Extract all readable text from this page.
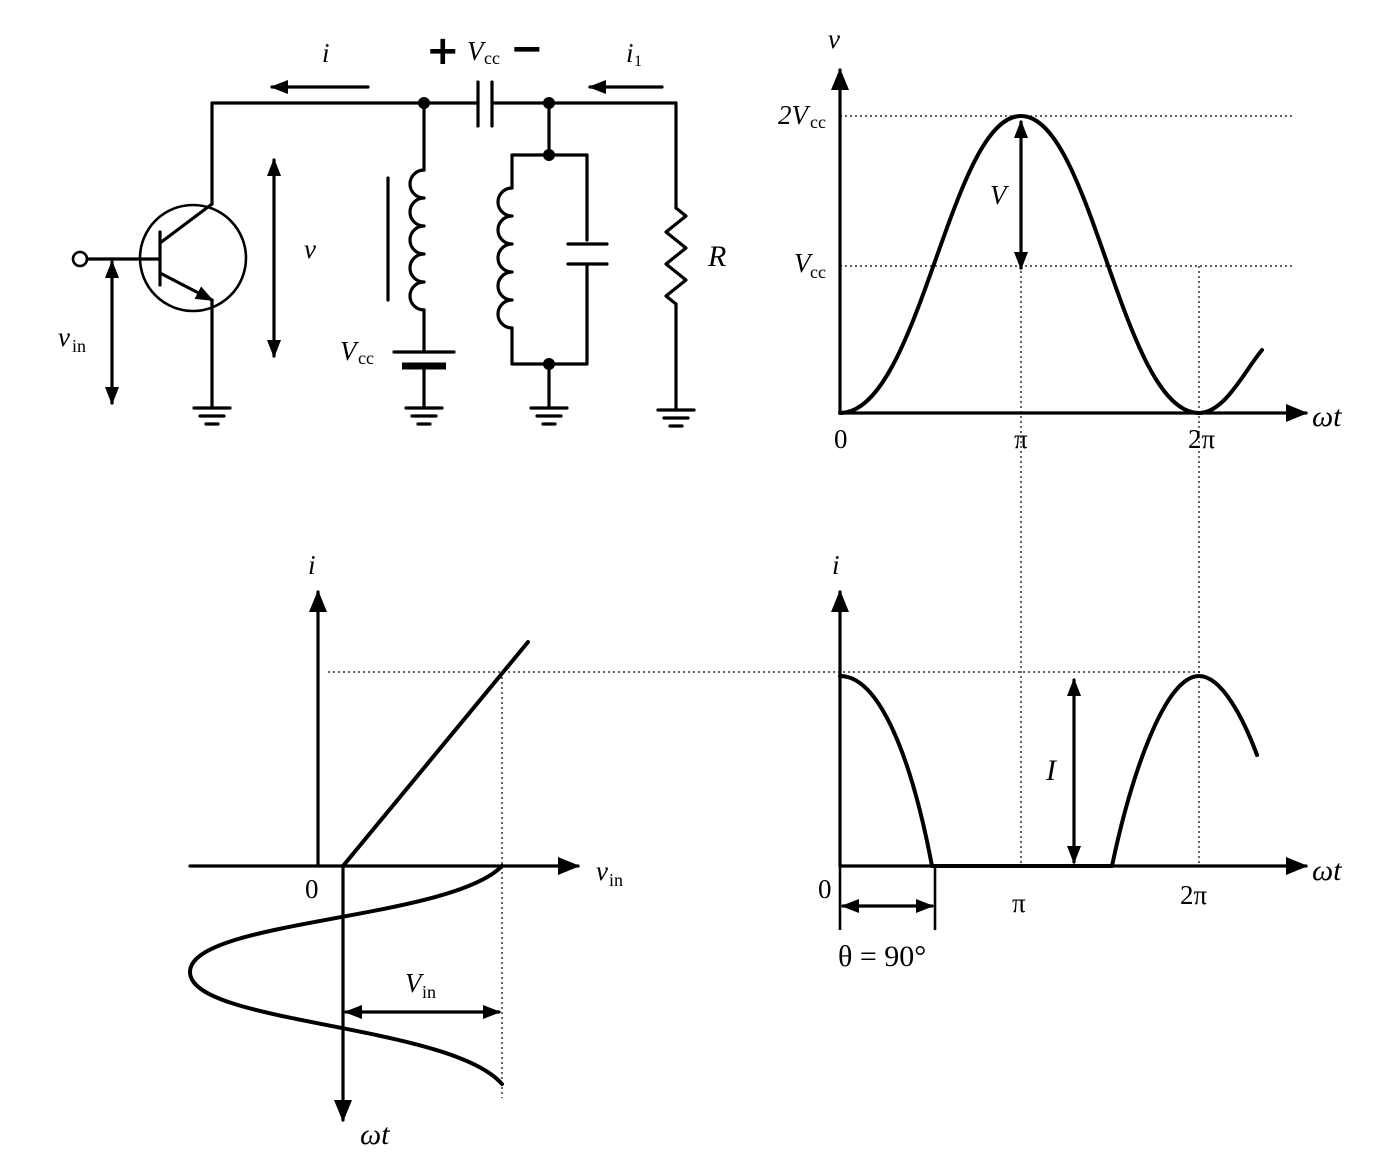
i	i 1
+ V cc −
v
v in	V cc
R
v
ωt
2V cc
V cc
V
0	π	2π
i
v in
0
ωt
V in
i
ωt
I
0	π	2π
θ = 90°
